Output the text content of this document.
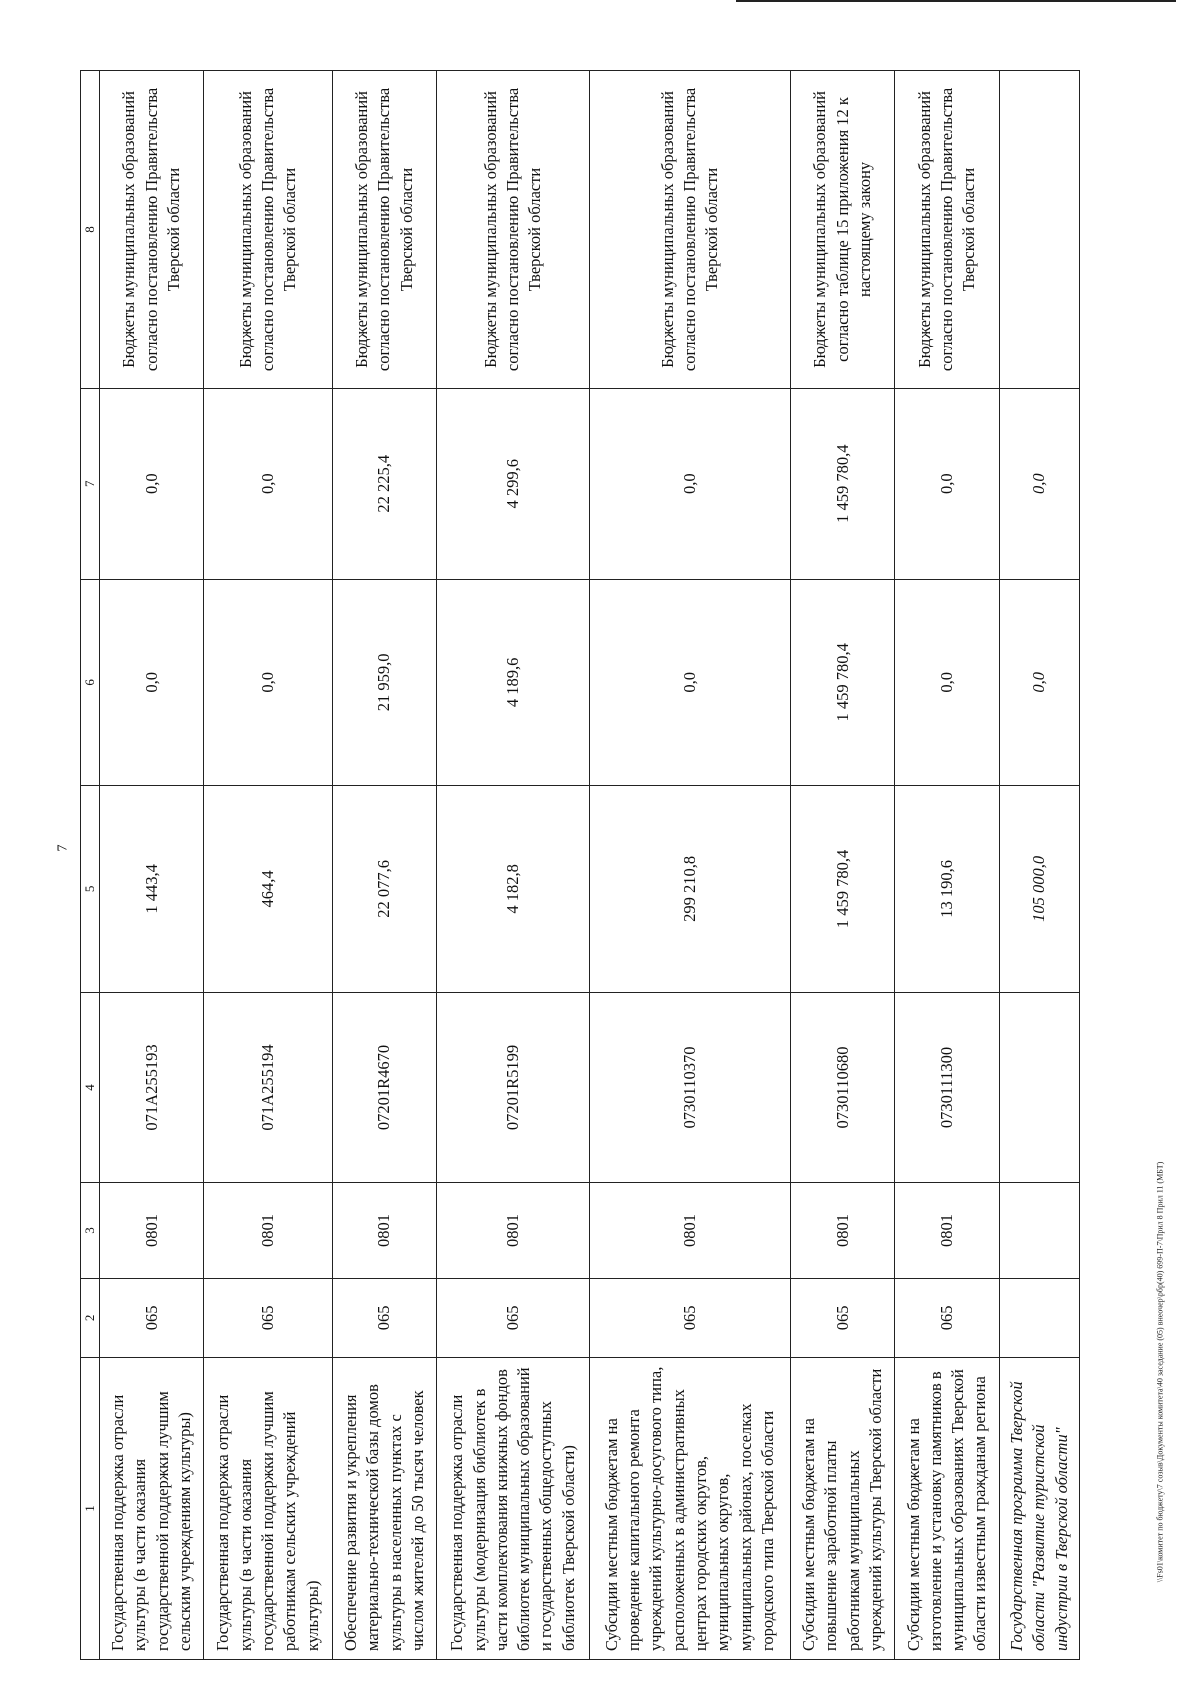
7
1	2	3	4	5	6	7	8
Государственная поддержка отрасли культуры (в части оказания государственной поддержки лучшим сельским учреждениям культуры)	065	0801	071A255193	1 443,4	0,0	0,0	Бюджеты муниципальных образований согласно постановлению Правительства Тверской области
Государственная поддержка отрасли культуры (в части оказания государственной поддержки лучшим работникам сельских учреждений культуры)	065	0801	071A255194	464,4	0,0	0,0	Бюджеты муниципальных образований согласно постановлению Правительства Тверской области
Обеспечение развития и укрепления материально-технической базы домов культуры в населенных пунктах с числом жителей до 50 тысяч человек	065	0801	07201R4670	22 077,6	21 959,0	22 225,4	Бюджеты муниципальных образований согласно постановлению Правительства Тверской области
Государственная поддержка отрасли культуры (модернизация библиотек в части комплектования книжных фондов библиотек муниципальных образований и государственных общедоступных библиотек Тверской области)	065	0801	07201R5199	4 182,8	4 189,6	4 299,6	Бюджеты муниципальных образований согласно постановлению Правительства Тверской области
Субсидии местным бюджетам на проведение капитального ремонта учреждений культурно-досугового типа, расположенных в административных центрах городских округов, муниципальных округов, муниципальных районах, поселках городского типа Тверской области	065	0801	0730110370	299 210,8	0,0	0,0	Бюджеты муниципальных образований согласно постановлению Правительства Тверской области
Субсидии местным бюджетам на повышение заработной платы работникам муниципальных учреждений культуры Тверской области	065	0801	0730110680	1 459 780,4	1 459 780,4	1 459 780,4	Бюджеты муниципальных образований согласно таблице 15 приложения 12 к настоящему закону
Субсидии местным бюджетам на изготовление и установку памятников в муниципальных образованиях Тверской области известным гражданам региона	065	0801	0730111300	13 190,6	0,0	0,0	Бюджеты муниципальных образований согласно постановлению Правительства Тверской области
Государственная программа Тверской области "Развитие туристской индустрии в Тверской области"				105 000,0	0,0	0,0	
\\Fs01\комитет по бюджету\7 созыв\Документы комитета\40 заседание (05) внеочер\рбр(40) 699-П-7\Прил 8 Прил 11 (МБТ)
